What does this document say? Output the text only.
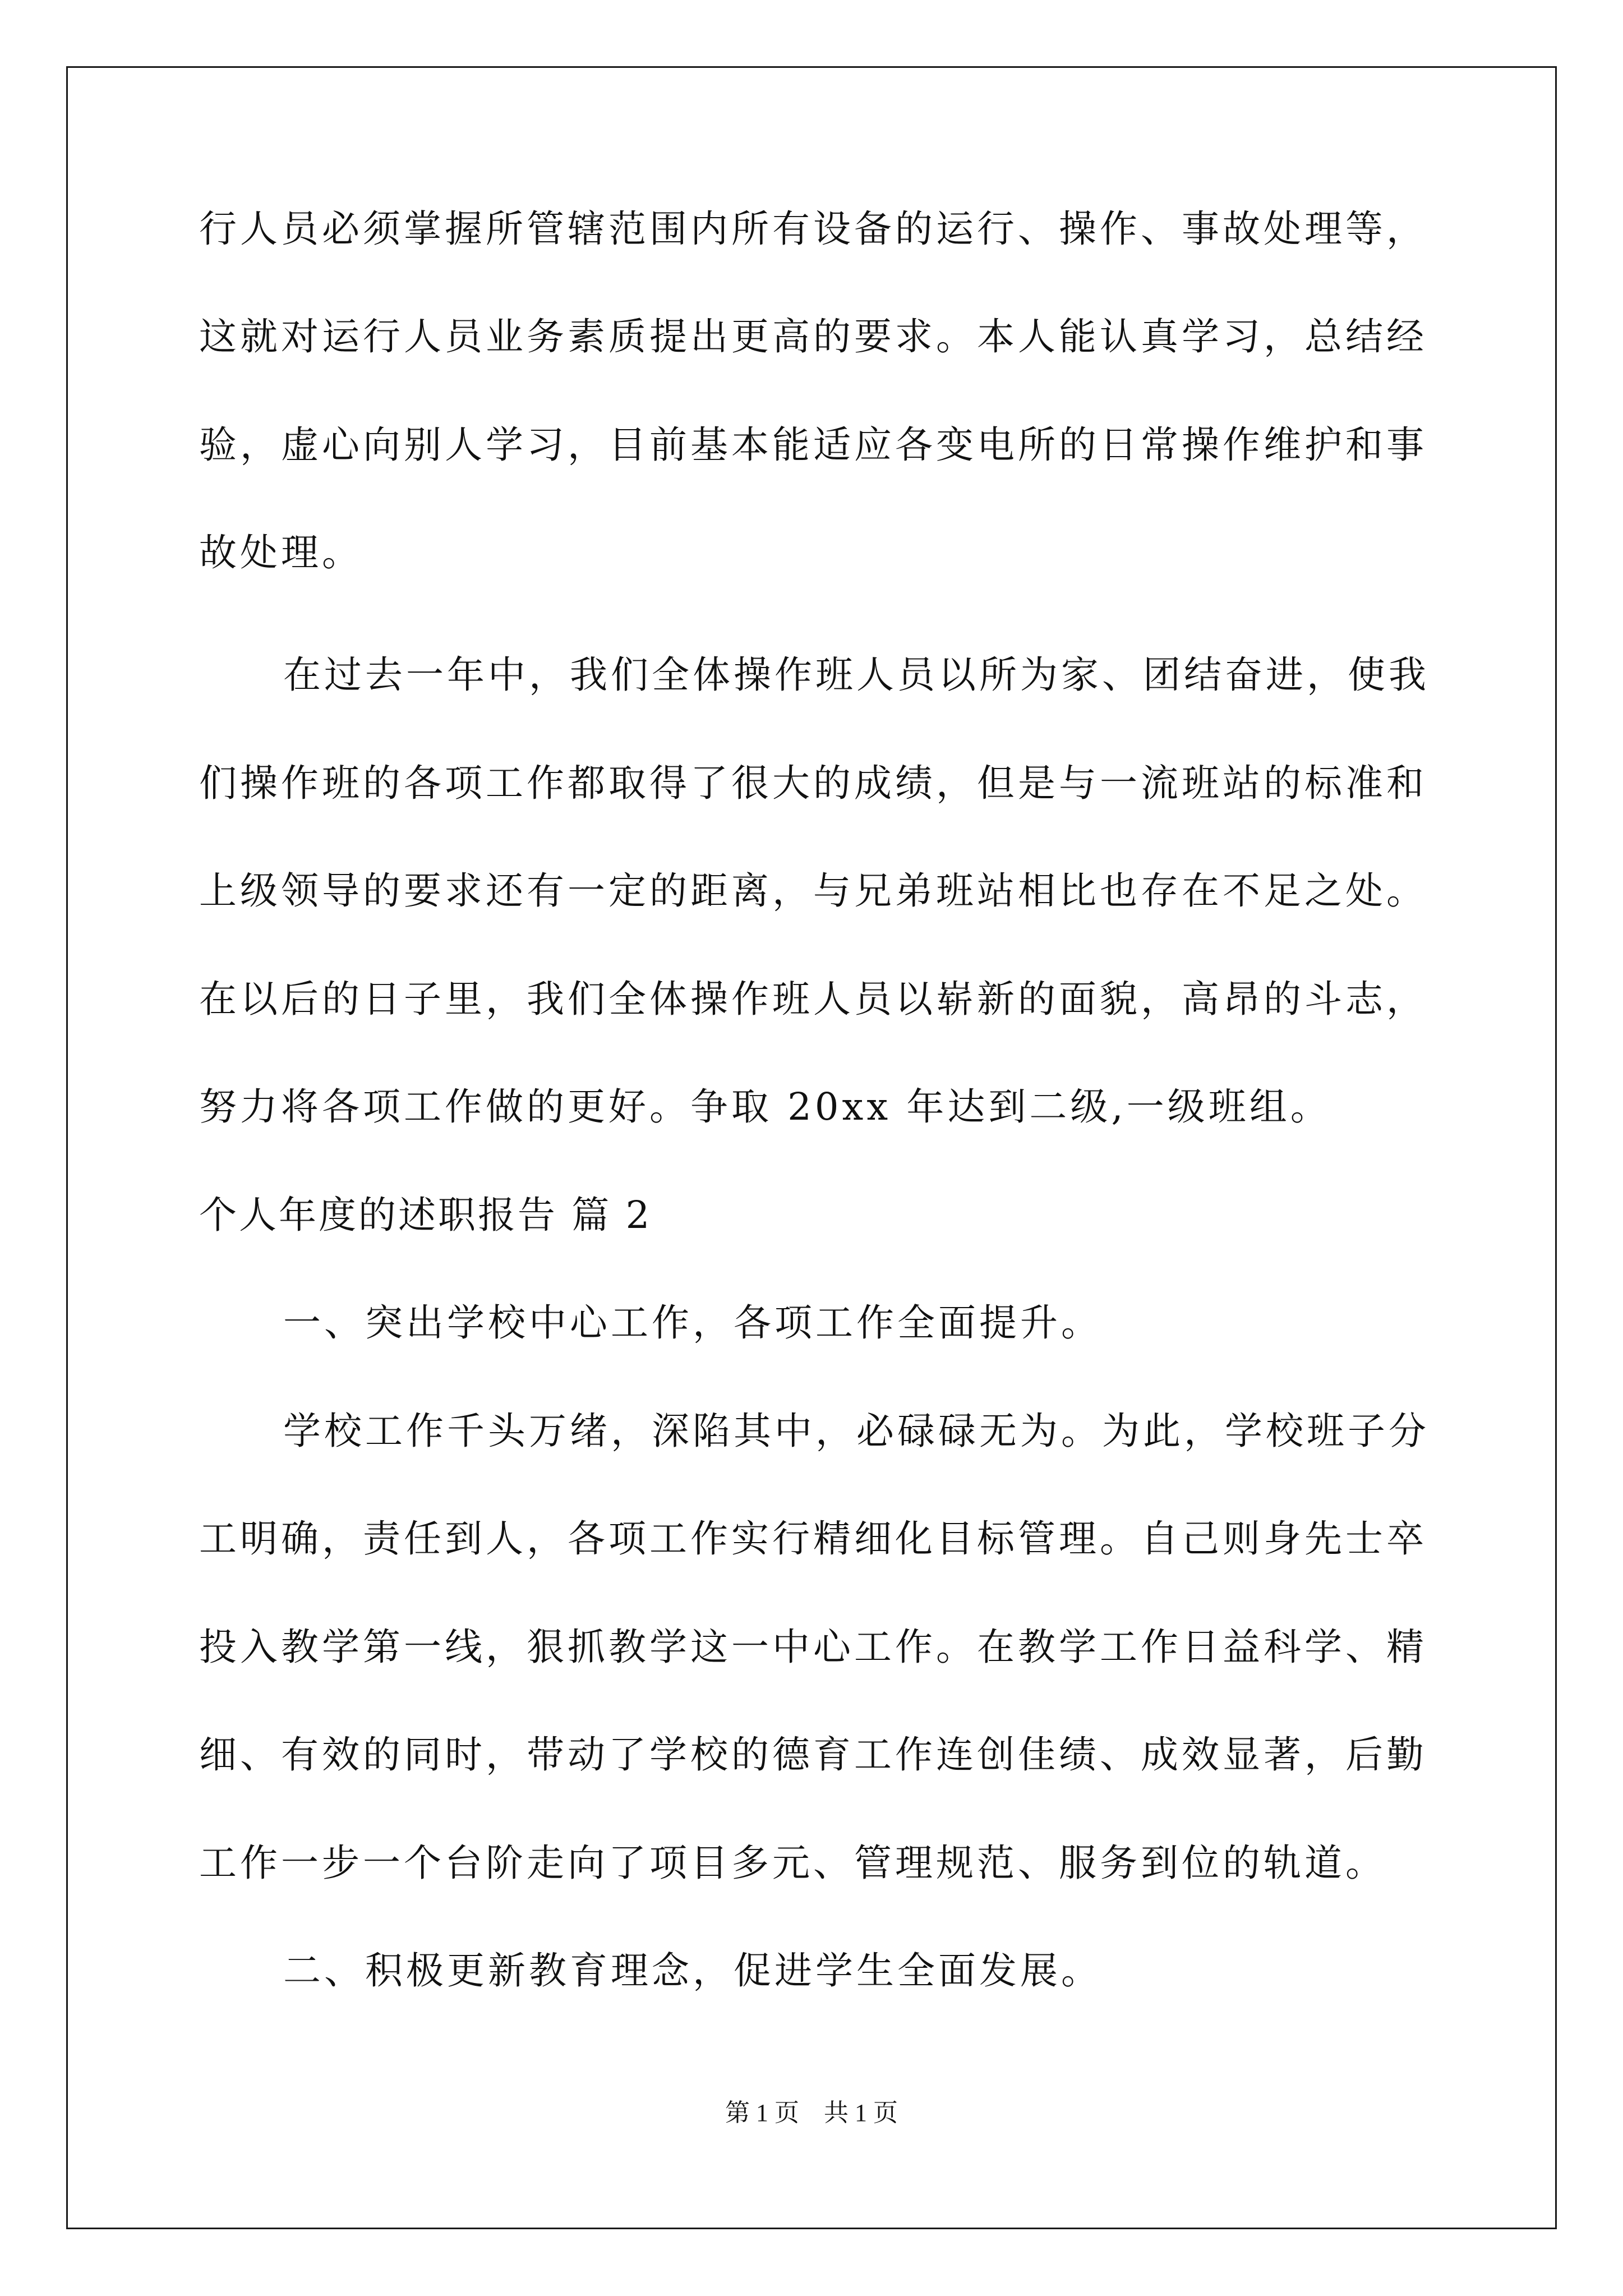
行人员必须掌握所管辖范围内所有设备的运行、操作、事故处理等，
这就对运行人员业务素质提出更高的要求。本人能认真学习，总结经
验，虚心向别人学习，目前基本能适应各变电所的日常操作维护和事
故处理。
在过去一年中，我们全体操作班人员以所为家、团结奋进，使我
们操作班的各项工作都取得了很大的成绩，但是与一流班站的标准和
上级领导的要求还有一定的距离，与兄弟班站相比也存在不足之处。
在以后的日子里，我们全体操作班人员以崭新的面貌，高昂的斗志，
努力将各项工作做的更好。争取 20xx 年达到二级,一级班组。
个人年度的述职报告 篇 2
一、突出学校中心工作，各项工作全面提升。
学校工作千头万绪，深陷其中，必碌碌无为。为此，学校班子分
工明确，责任到人，各项工作实行精细化目标管理。自己则身先士卒
投入教学第一线，狠抓教学这一中心工作。在教学工作日益科学、精
细、有效的同时，带动了学校的德育工作连创佳绩、成效显著，后勤
工作一步一个台阶走向了项目多元、管理规范、服务到位的轨道。
二、积极更新教育理念，促进学生全面发展。
第 1 页 共 1 页
